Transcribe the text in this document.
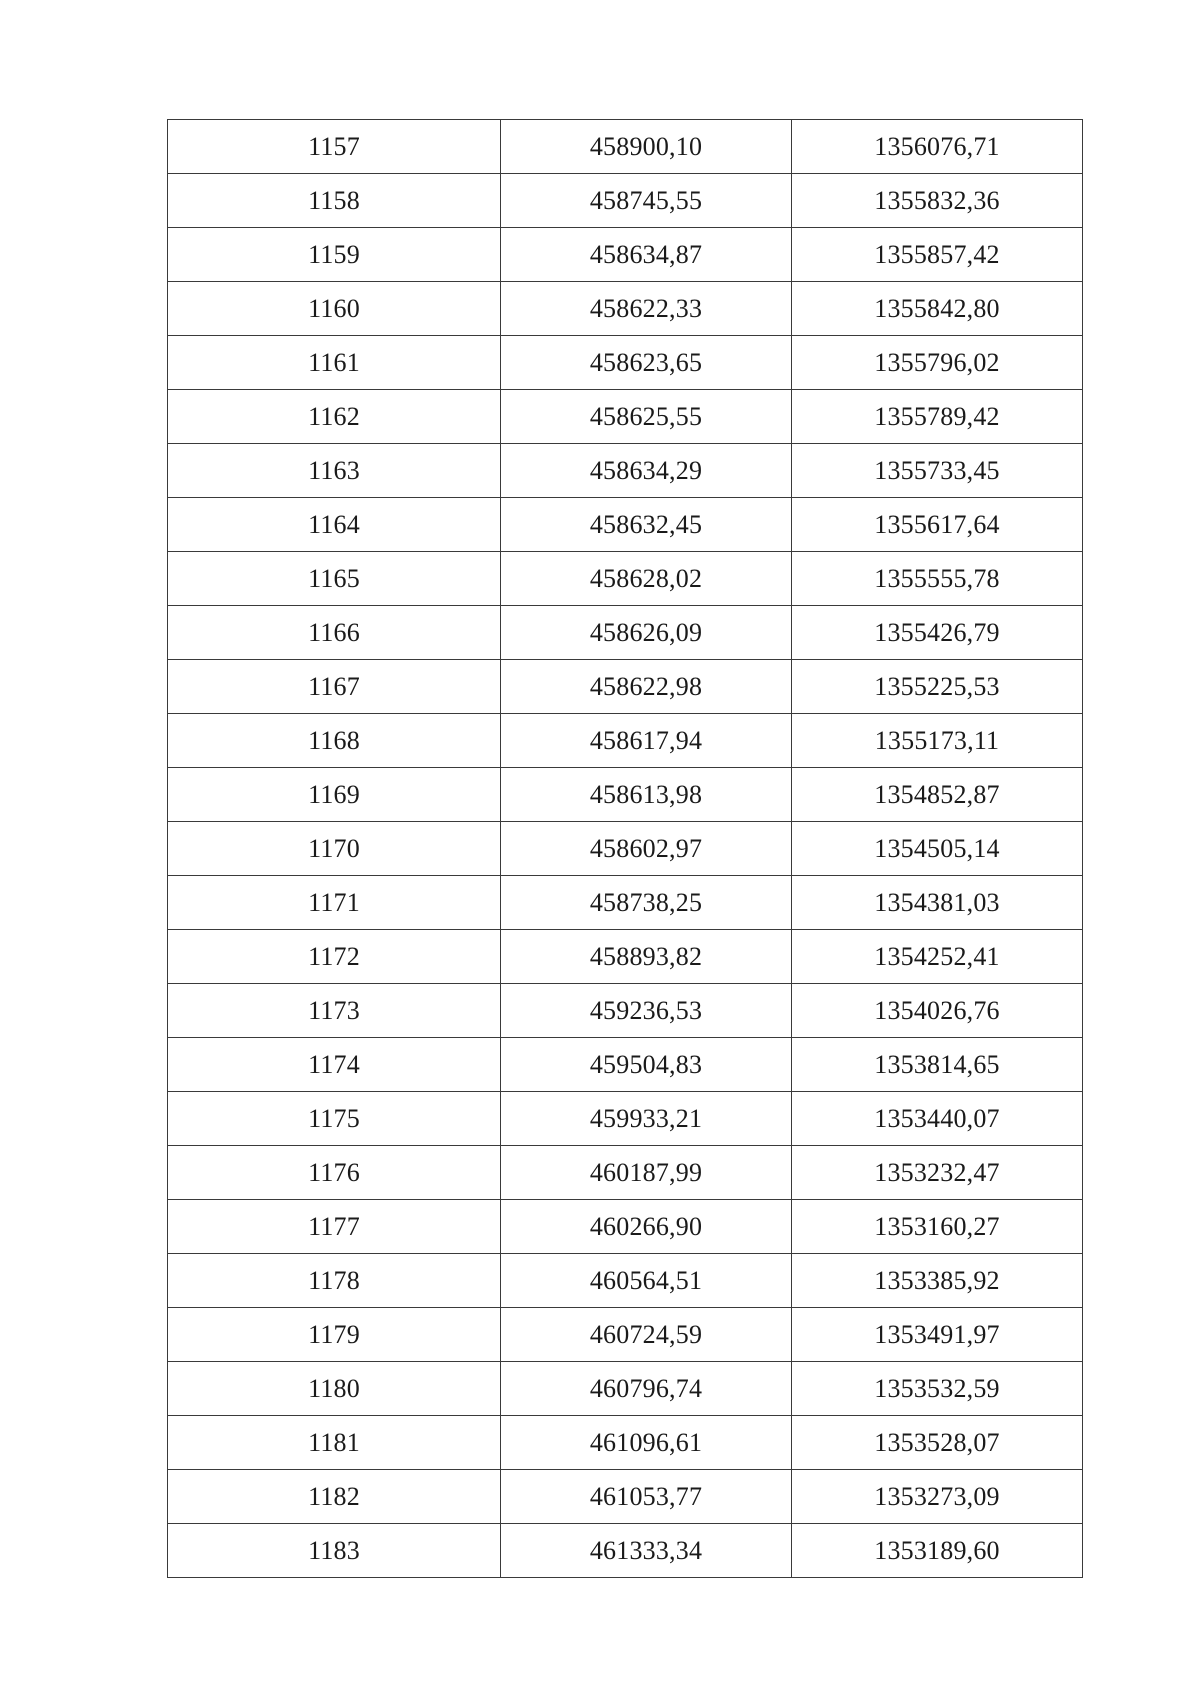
1157	458900,10	1356076,71
1158	458745,55	1355832,36
1159	458634,87	1355857,42
1160	458622,33	1355842,80
1161	458623,65	1355796,02
1162	458625,55	1355789,42
1163	458634,29	1355733,45
1164	458632,45	1355617,64
1165	458628,02	1355555,78
1166	458626,09	1355426,79
1167	458622,98	1355225,53
1168	458617,94	1355173,11
1169	458613,98	1354852,87
1170	458602,97	1354505,14
1171	458738,25	1354381,03
1172	458893,82	1354252,41
1173	459236,53	1354026,76
1174	459504,83	1353814,65
1175	459933,21	1353440,07
1176	460187,99	1353232,47
1177	460266,90	1353160,27
1178	460564,51	1353385,92
1179	460724,59	1353491,97
1180	460796,74	1353532,59
1181	461096,61	1353528,07
1182	461053,77	1353273,09
1183	461333,34	1353189,60
